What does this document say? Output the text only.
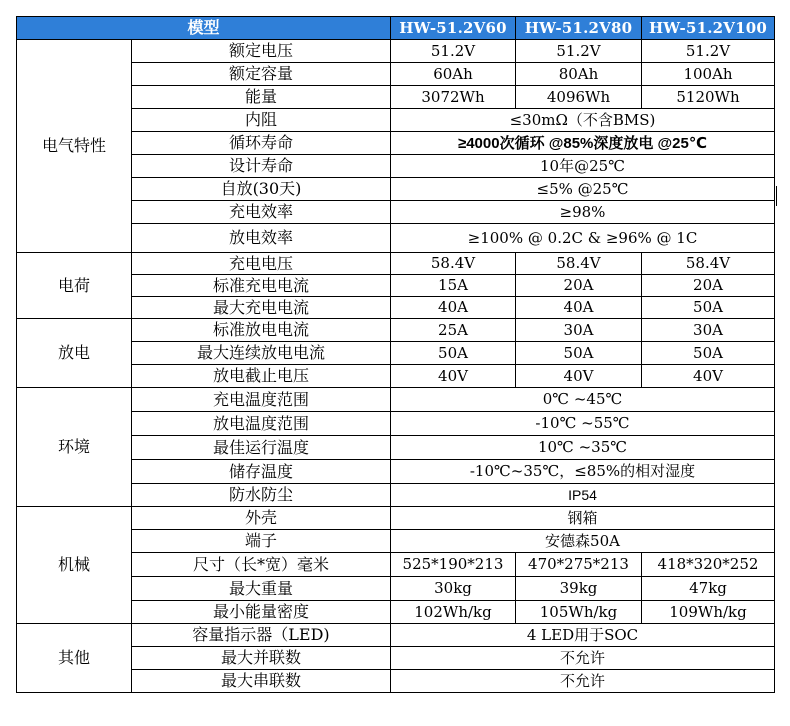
模型		HW-51.2V60	HW-51.2V80	HW-51.2V100
电气特性	额定电压	51.2V	51.2V	51.2V
	额定容量	60Ah	80Ah	100Ah
	能量	3072Wh	4096Wh	5120Wh
	内阻	≤30mΩ（不含BMS)		
	循环寿命	≥4000次循环 @85%深度放电 @25℃		
	设计寿命	10年@25℃		
	自放(30天)	≤5% @25℃		
	充电效率	≥98%		
	放电效率	≥100% @ 0.2C & ≥96% @ 1C		
电荷	充电电压	58.4V	58.4V	58.4V
	标准充电电流	15A	20A	20A
	最大充电电流	40A	40A	50A
放电	标准放电电流	25A	30A	30A
	最大连续放电电流	50A	50A	50A
	放电截止电压	40V	40V	40V
环境	充电温度范围	0℃ ~45℃		
	放电温度范围	-10℃ ~55℃		
	最佳运行温度	10℃ ~35℃		
	储存温度	-10℃~35℃，≤85%的相对湿度		
	防水防尘	IP54		
机械	外壳	钢箱		
	端子	安德森50A		
	尺寸（长*宽）毫米	525*190*213	470*275*213	418*320*252
	最大重量	30kg	39kg	47kg
	最小能量密度	102Wh/kg	105Wh/kg	109Wh/kg
其他	容量指示器（LED)	4 LED用于SOC		
	最大并联数	不允许		
	最大串联数	不允许		
